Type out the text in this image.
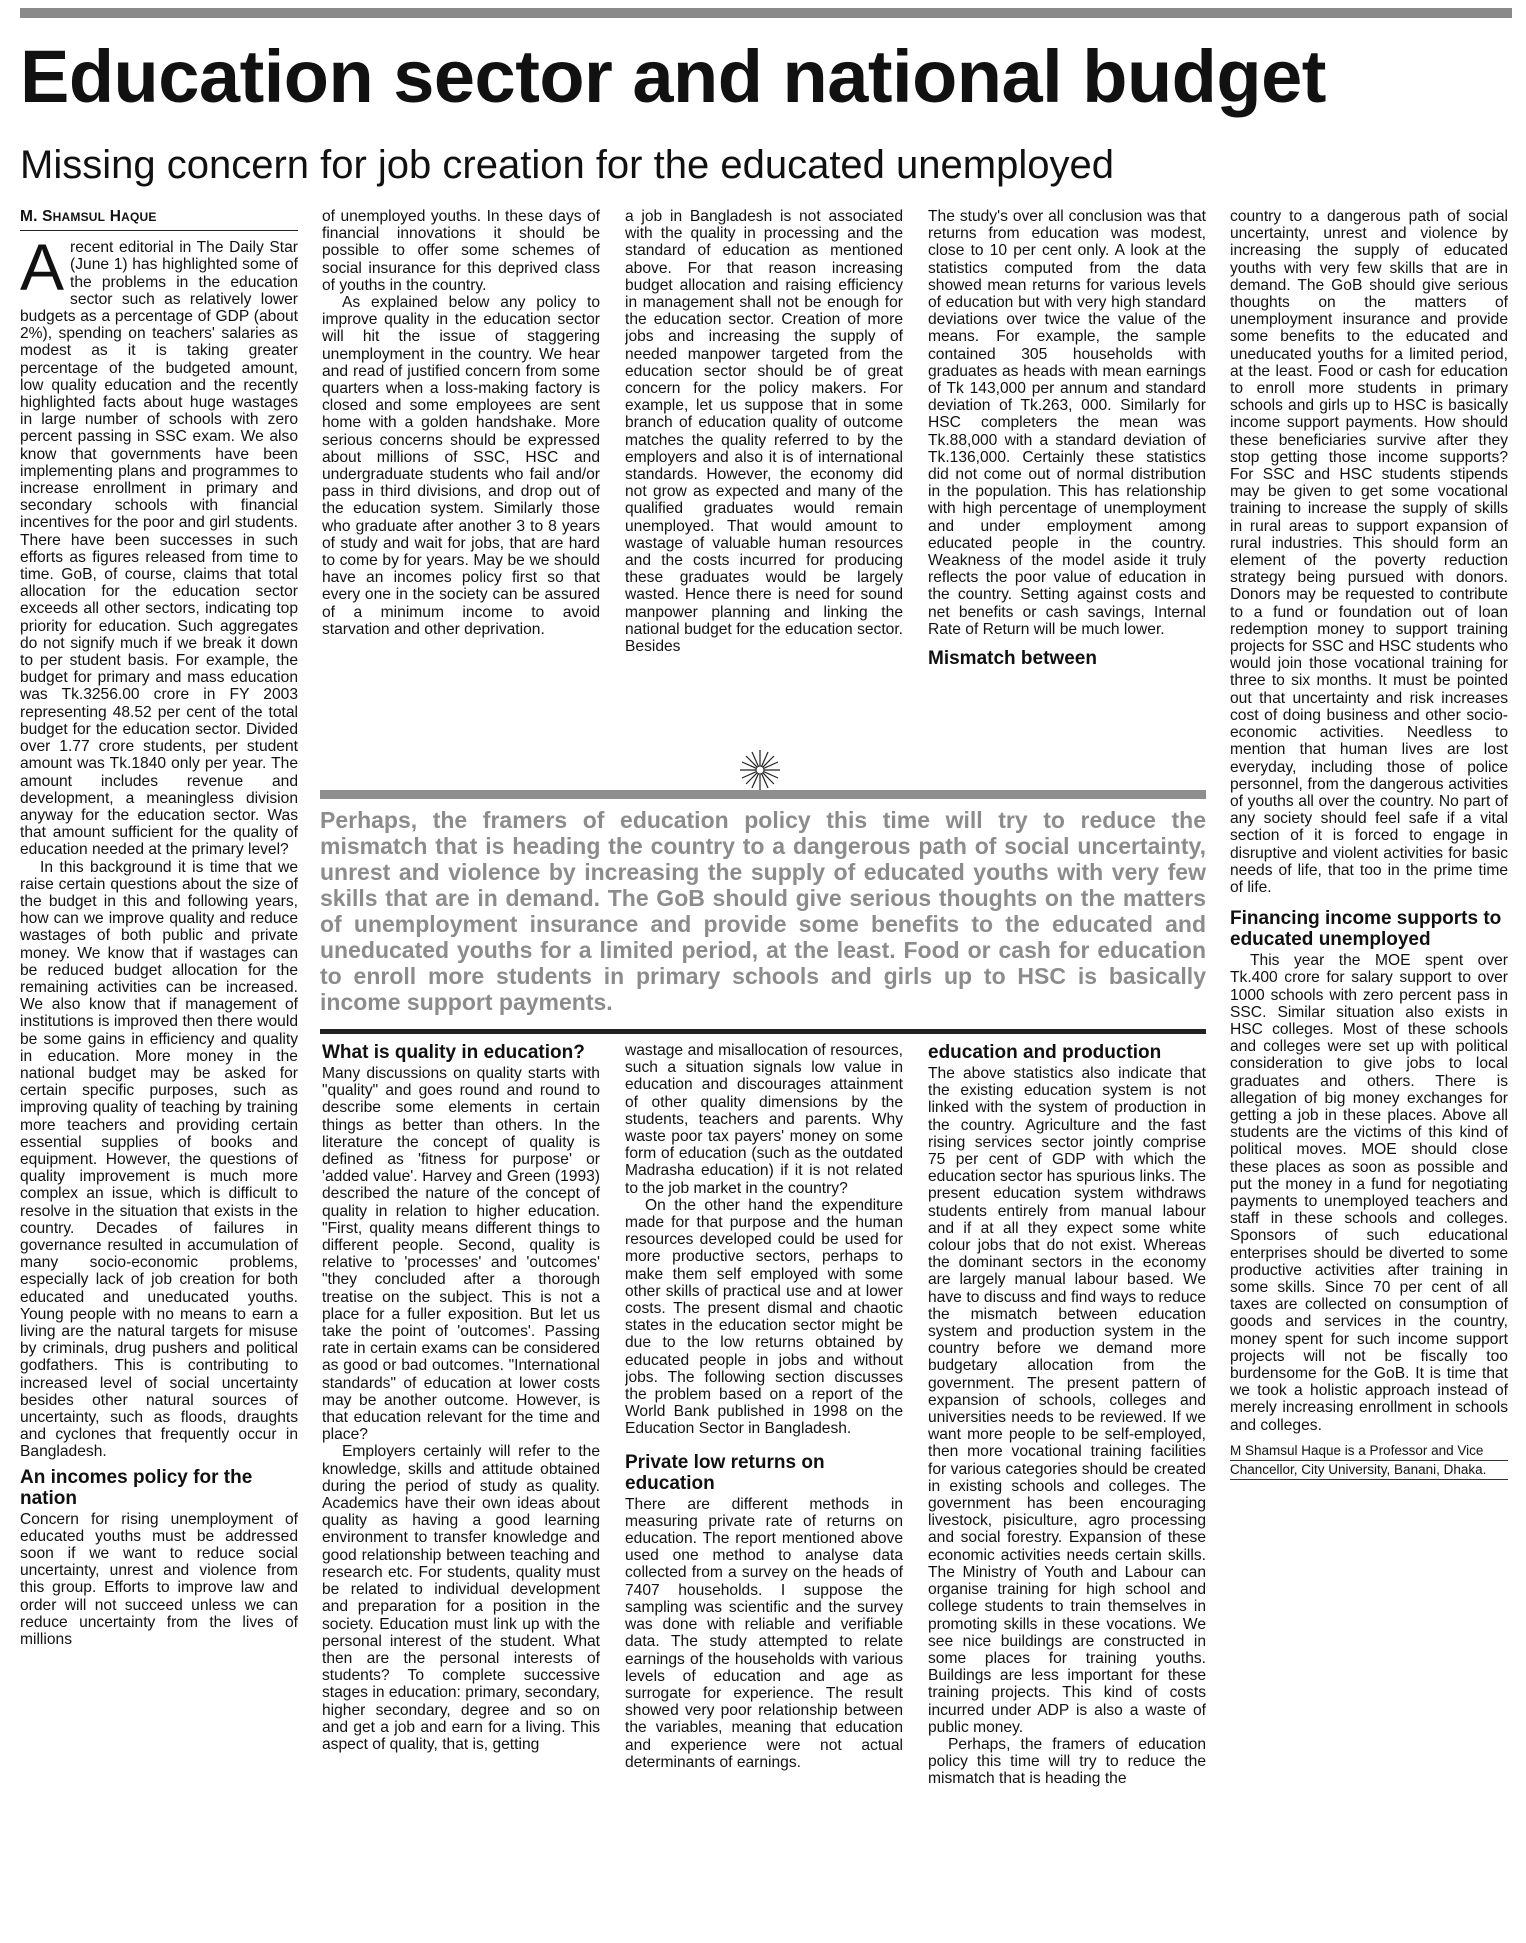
Education sector and national budget
Missing concern for job creation for the educated unemployed
M. SHAMSUL HAQUE

Arecent editorial in The Daily Star (June 1) has highlighted some of the problems in the education sector such as relatively lower budgets as a percentage of GDP (about 2%), spending on teachers' salaries as modest as it is taking greater percentage of the budgeted amount, low quality education and the recently highlighted facts about huge wastages in large number of schools with zero percent passing in SSC exam. We also know that governments have been implementing plans and programmes to increase enrollment in primary and secondary schools with financial incentives for the poor and girl students. There have been successes in such efforts as figures released from time to time. GoB, of course, claims that total allocation for the education sector exceeds all other sectors, indicating top priority for education. Such aggregates do not signify much if we break it down to per student basis. For example, the budget for primary and mass education was Tk.3256.00 crore in FY 2003 representing 48.52 per cent of the total budget for the education sector. Divided over 1.77 crore students, per student amount was Tk.1840 only per year. The amount includes revenue and development, a meaningless division anyway for the education sector. Was that amount sufficient for the quality of education needed at the primary level?

In this background it is time that we raise certain questions about the size of the budget in this and following years, how can we improve quality and reduce wastages of both public and private money. We know that if wastages can be reduced budget allocation for the remaining activities can be increased. We also know that if management of institutions is improved then there would be some gains in efficiency and quality in education. More money in the national budget may be asked for certain specific purposes, such as improving quality of teaching by training more teachers and providing certain essential supplies of books and equipment. However, the questions of quality improvement is much more complex an issue, which is difficult to resolve in the situation that exists in the country. Decades of failures in governance resulted in accumulation of many socio-economic problems, especially lack of job creation for both educated and uneducated youths. Young people with no means to earn a living are the natural targets for misuse by criminals, drug pushers and political godfathers. This is contributing to increased level of social uncertainty besides other natural sources of uncertainty, such as floods, draughts and cyclones that frequently occur in Bangladesh.

An incomes policy for the nation

Concern for rising unemployment of educated youths must be addressed soon if we want to reduce social uncertainty, unrest and violence from this group. Efforts to improve law and order will not succeed unless we can reduce uncertainty from the lives of millions

of unemployed youths. In these days of financial innovations it should be possible to offer some schemes of social insurance for this deprived class of youths in the country.

As explained below any policy to improve quality in the education sector will hit the issue of staggering unemployment in the country. We hear and read of justified concern from some quarters when a loss-making factory is closed and some employees are sent home with a golden handshake. More serious concerns should be expressed about millions of SSC, HSC and undergraduate students who fail and/or pass in third divisions, and drop out of the education system. Similarly those who graduate after another 3 to 8 years of study and wait for jobs, that are hard to come by for years. May be we should have an incomes policy first so that every one in the society can be assured of a minimum income to avoid starvation and other deprivation.

a job in Bangladesh is not associated with the quality in processing and the standard of education as mentioned above. For that reason increasing budget allocation and raising efficiency in management shall not be enough for the education sector. Creation of more jobs and increasing the supply of needed manpower targeted from the education sector should be of great concern for the policy makers. For example, let us suppose that in some branch of education quality of outcome matches the quality referred to by the employers and also it is of international standards. However, the economy did not grow as expected and many of the qualified graduates would remain unemployed. That would amount to wastage of valuable human resources and the costs incurred for producing these graduates would be largely wasted. Hence there is need for sound manpower planning and linking the national budget for the education sector. Besides

The study's over all conclusion was that returns from education was modest, close to 10 per cent only. A look at the statistics computed from the data showed mean returns for various levels of education but with very high standard deviations over twice the value of the means. For example, the sample contained 305 households with graduates as heads with mean earnings of Tk 143,000 per annum and standard deviation of Tk.263, 000. Similarly for HSC completers the mean was Tk.88,000 with a standard deviation of Tk.136,000. Certainly these statistics did not come out of normal distribution in the population. This has relationship with high percentage of unemployment and under employment among educated people in the country. Weakness of the model aside it truly reflects the poor value of education in the country. Setting against costs and net benefits or cash savings, Internal Rate of Return will be much lower.

Mismatch between
Perhaps, the framers of education policy this time will try to reduce the mismatch that is heading the country to a dangerous path of social uncertainty, unrest and violence by increasing the supply of educated youths with very few skills that are in demand. The GoB should give serious thoughts on the matters of unemployment insurance and provide some benefits to the educated and uneducated youths for a limited period, at the least. Food or cash for education to enroll more students in primary schools and girls up to HSC is basically income support payments.
What is quality in education?

Many discussions on quality starts with "quality" and goes round and round to describe some elements in certain things as better than others. In the literature the concept of quality is defined as 'fitness for purpose' or 'added value'. Harvey and Green (1993) described the nature of the concept of quality in relation to higher education. "First, quality means different things to different people. Second, quality is relative to 'processes' and 'outcomes' "they concluded after a thorough treatise on the subject. This is not a place for a fuller exposition. But let us take the point of 'outcomes'. Passing rate in certain exams can be considered as good or bad outcomes. "International standards" of education at lower costs may be another outcome. However, is that education relevant for the time and place?

Employers certainly will refer to the knowledge, skills and attitude obtained during the period of study as quality. Academics have their own ideas about quality as having a good learning environment to transfer knowledge and good relationship between teaching and research etc. For students, quality must be related to individual development and preparation for a position in the society. Education must link up with the personal interest of the student. What then are the personal interests of students? To complete successive stages in education: primary, secondary, higher secondary, degree and so on and get a job and earn for a living. This aspect of quality, that is, getting

wastage and misallocation of resources, such a situation signals low value in education and discourages attainment of other quality dimensions by the students, teachers and parents. Why waste poor tax payers' money on some form of education (such as the outdated Madrasha education) if it is not related to the job market in the country?

On the other hand the expenditure made for that purpose and the human resources developed could be used for more productive sectors, perhaps to make them self employed with some other skills of practical use and at lower costs. The present dismal and chaotic states in the education sector might be due to the low returns obtained by educated people in jobs and without jobs. The following section discusses the problem based on a report of the World Bank published in 1998 on the Education Sector in Bangladesh.

Private low returns on education

There are different methods in measuring private rate of returns on education. The report mentioned above used one method to analyse data collected from a survey on the heads of 7407 households. I suppose the sampling was scientific and the survey was done with reliable and verifiable data. The study attempted to relate earnings of the households with various levels of education and age as surrogate for experience. The result showed very poor relationship between the variables, meaning that education and experience were not actual determinants of earnings.

education and production

The above statistics also indicate that the existing education system is not linked with the system of production in the country. Agriculture and the fast rising services sector jointly comprise 75 per cent of GDP with which the education sector has spurious links. The present education system withdraws students entirely from manual labour and if at all they expect some white colour jobs that do not exist. Whereas the dominant sectors in the economy are largely manual labour based. We have to discuss and find ways to reduce the mismatch between education system and production system in the country before we demand more budgetary allocation from the government. The present pattern of expansion of schools, colleges and universities needs to be reviewed. If we want more people to be self-employed, then more vocational training facilities for various categories should be created in existing schools and colleges. The government has been encouraging livestock, pisiculture, agro processing and social forestry. Expansion of these economic activities needs certain skills. The Ministry of Youth and Labour can organise training for high school and college students to train themselves in promoting skills in these vocations. We see nice buildings are constructed in some places for training youths. Buildings are less important for these training projects. This kind of costs incurred under ADP is also a waste of public money.

Perhaps, the framers of education policy this time will try to reduce the mismatch that is heading the

country to a dangerous path of social uncertainty, unrest and violence by increasing the supply of educated youths with very few skills that are in demand. The GoB should give serious thoughts on the matters of unemployment insurance and provide some benefits to the educated and uneducated youths for a limited period, at the least. Food or cash for education to enroll more students in primary schools and girls up to HSC is basically income support payments. How should these beneficiaries survive after they stop getting those income supports? For SSC and HSC students stipends may be given to get some vocational training to increase the supply of skills in rural areas to support expansion of rural industries. This should form an element of the poverty reduction strategy being pursued with donors. Donors may be requested to contribute to a fund or foundation out of loan redemption money to support training projects for SSC and HSC students who would join those vocational training for three to six months. It must be pointed out that uncertainty and risk increases cost of doing business and other socio-economic activities. Needless to mention that human lives are lost everyday, including those of police personnel, from the dangerous activities of youths all over the country. No part of any society should feel safe if a vital section of it is forced to engage in disruptive and violent activities for basic needs of life, that too in the prime time of life.

Financing income supports to educated unemployed

This year the MOE spent over Tk.400 crore for salary support to over 1000 schools with zero percent pass in SSC. Similar situation also exists in HSC colleges. Most of these schools and colleges were set up with political consideration to give jobs to local graduates and others. There is allegation of big money exchanges for getting a job in these places. Above all students are the victims of this kind of political moves. MOE should close these places as soon as possible and put the money in a fund for negotiating payments to unemployed teachers and staff in these schools and colleges. Sponsors of such educational enterprises should be diverted to some productive activities after training in some skills. Since 70 per cent of all taxes are collected on consumption of goods and services in the country, money spent for such income support projects will not be fiscally too burdensome for the GoB. It is time that we took a holistic approach instead of merely increasing enrollment in schools and colleges.

M Shamsul Haque is a Professor and Vice
Chancellor, City University, Banani, Dhaka.
